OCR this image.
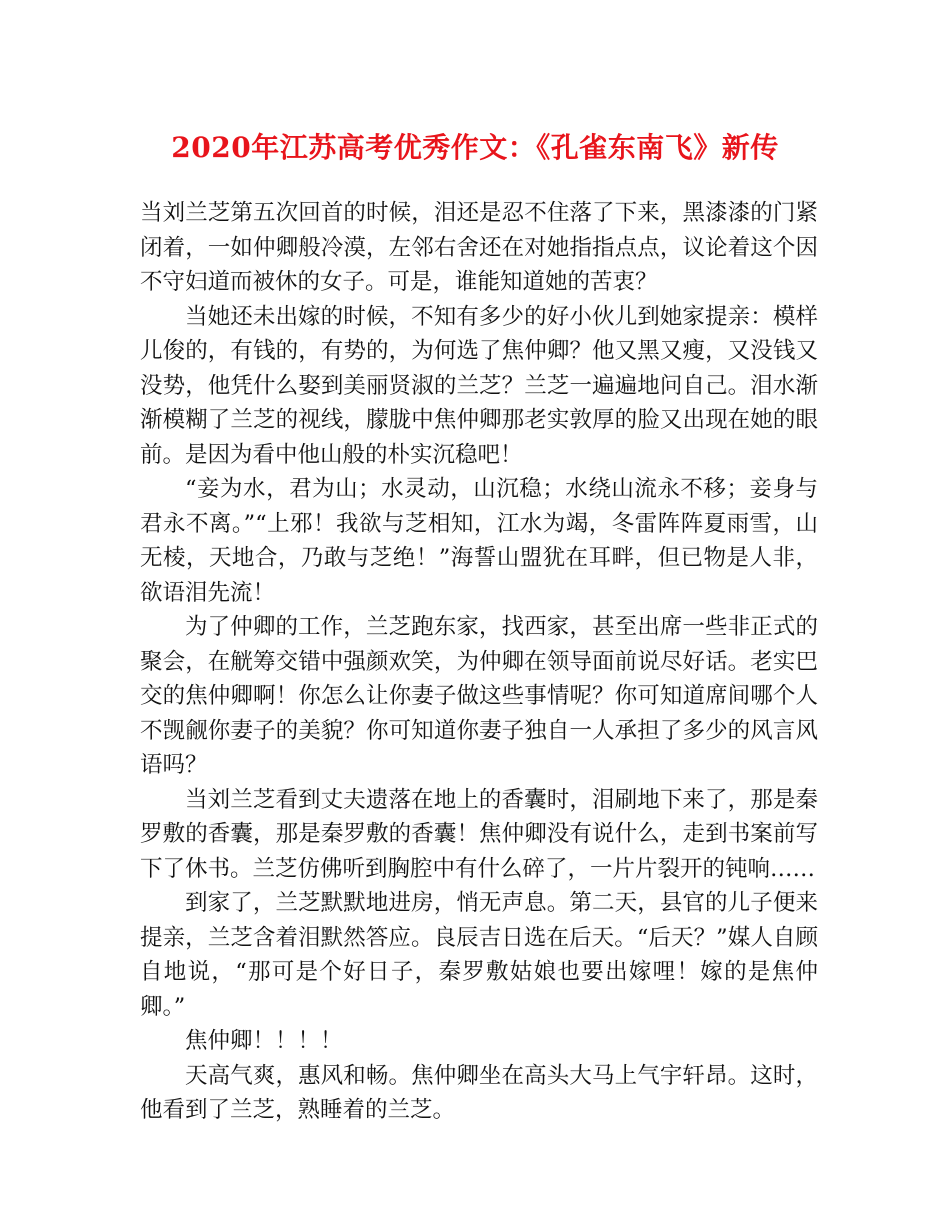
2020年江苏高考优秀作文：《孔雀东南飞》新传

当刘兰芝第五次回首的时候，泪还是忍不住落了下来，黑漆漆的门紧闭着，一如仲卿般冷漠，左邻右舍还在对她指指点点，议论着这个因不守妇道而被休的女子。可是，谁能知道她的苦衷？

当她还未出嫁的时候，不知有多少的好小伙儿到她家提亲：模样儿俊的，有钱的，有势的，为何选了焦仲卿？他又黑又瘦，又没钱又没势，他凭什么娶到美丽贤淑的兰芝？兰芝一遍遍地问自己。泪水渐渐模糊了兰芝的视线，朦胧中焦仲卿那老实敦厚的脸又出现在她的眼前。是因为看中他山般的朴实沉稳吧！

“妾为水，君为山；水灵动，山沉稳；水绕山流永不移；妾身与君永不离。”“上邪！我欲与芝相知，江水为竭，冬雷阵阵夏雨雪，山无棱，天地合，乃敢与芝绝！”海誓山盟犹在耳畔，但已物是人非，欲语泪先流！

为了仲卿的工作，兰芝跑东家，找西家，甚至出席一些非正式的聚会，在觥筹交错中强颜欢笑，为仲卿在领导面前说尽好话。老实巴交的焦仲卿啊！你怎么让你妻子做这些事情呢？你可知道席间哪个人不觊觎你妻子的美貌？你可知道你妻子独自一人承担了多少的风言风语吗？

当刘兰芝看到丈夫遗落在地上的香囊时，泪刷地下来了，那是秦罗敷的香囊，那是秦罗敷的香囊！焦仲卿没有说什么，走到书案前写下了休书。兰芝仿佛听到胸腔中有什么碎了，一片片裂开的钝响……

到家了，兰芝默默地进房，悄无声息。第二天，县官的儿子便来提亲，兰芝含着泪默然答应。良辰吉日选在后天。“后天？”媒人自顾自地说，“那可是个好日子，秦罗敷姑娘也要出嫁哩！嫁的是焦仲卿。”

焦仲卿！！！！

天高气爽，惠风和畅。焦仲卿坐在高头大马上气宇轩昂。这时，他看到了兰芝，熟睡着的兰芝。
